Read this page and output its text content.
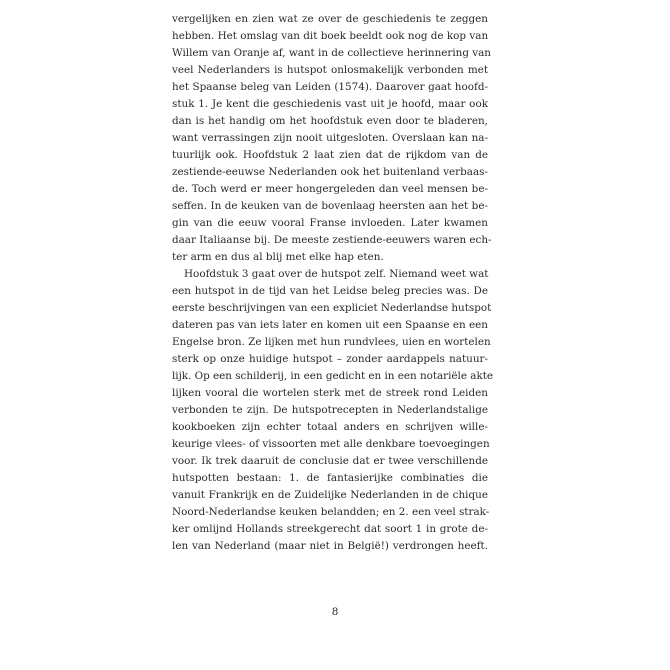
vergelijken en zien wat ze over de geschiedenis te zeggen
hebben. Het omslag van dit boek beeldt ook nog de kop van
Willem van Oranje af, want in de collectieve herinnering van
veel Nederlanders is hutspot onlosmakelijk verbonden met
het Spaanse beleg van Leiden (1574). Daarover gaat hoofd-
stuk 1. Je kent die geschiedenis vast uit je hoofd, maar ook
dan is het handig om het hoofdstuk even door te bladeren,
want verrassingen zijn nooit uitgesloten. Overslaan kan na-
tuurlijk ook. Hoofdstuk 2 laat zien dat de rijkdom van de
zestiende-eeuwse Nederlanden ook het buitenland verbaas-
de. Toch werd er meer hongergeleden dan veel mensen be-
seffen. In de keuken van de bovenlaag heersten aan het be-
gin van die eeuw vooral Franse invloeden. Later kwamen
daar Italiaanse bij. De meeste zestiende-eeuwers waren ech-
ter arm en dus al blij met elke hap eten.
Hoofdstuk 3 gaat over de hutspot zelf. Niemand weet wat
een hutspot in de tijd van het Leidse beleg precies was. De
eerste beschrijvingen van een expliciet Nederlandse hutspot
dateren pas van iets later en komen uit een Spaanse en een
Engelse bron. Ze lijken met hun rundvlees, uien en wortelen
sterk op onze huidige hutspot – zonder aardappels natuur-
lijk. Op een schilderij, in een gedicht en in een notariële akte
lijken vooral die wortelen sterk met de streek rond Leiden
verbonden te zijn. De hutspotrecepten in Nederlandstalige
kookboeken zijn echter totaal anders en schrijven wille-
keurige vlees- of vissoorten met alle denkbare toevoegingen
voor. Ik trek daaruit de conclusie dat er twee verschillende
hutspotten bestaan: 1. de fantasierijke combinaties die
vanuit Frankrijk en de Zuidelijke Nederlanden in de chique
Noord-Nederlandse keuken belandden; en 2. een veel strak-
ker omlijnd Hollands streekgerecht dat soort 1 in grote de-
len van Nederland (maar niet in België!) verdrongen heeft.
8
